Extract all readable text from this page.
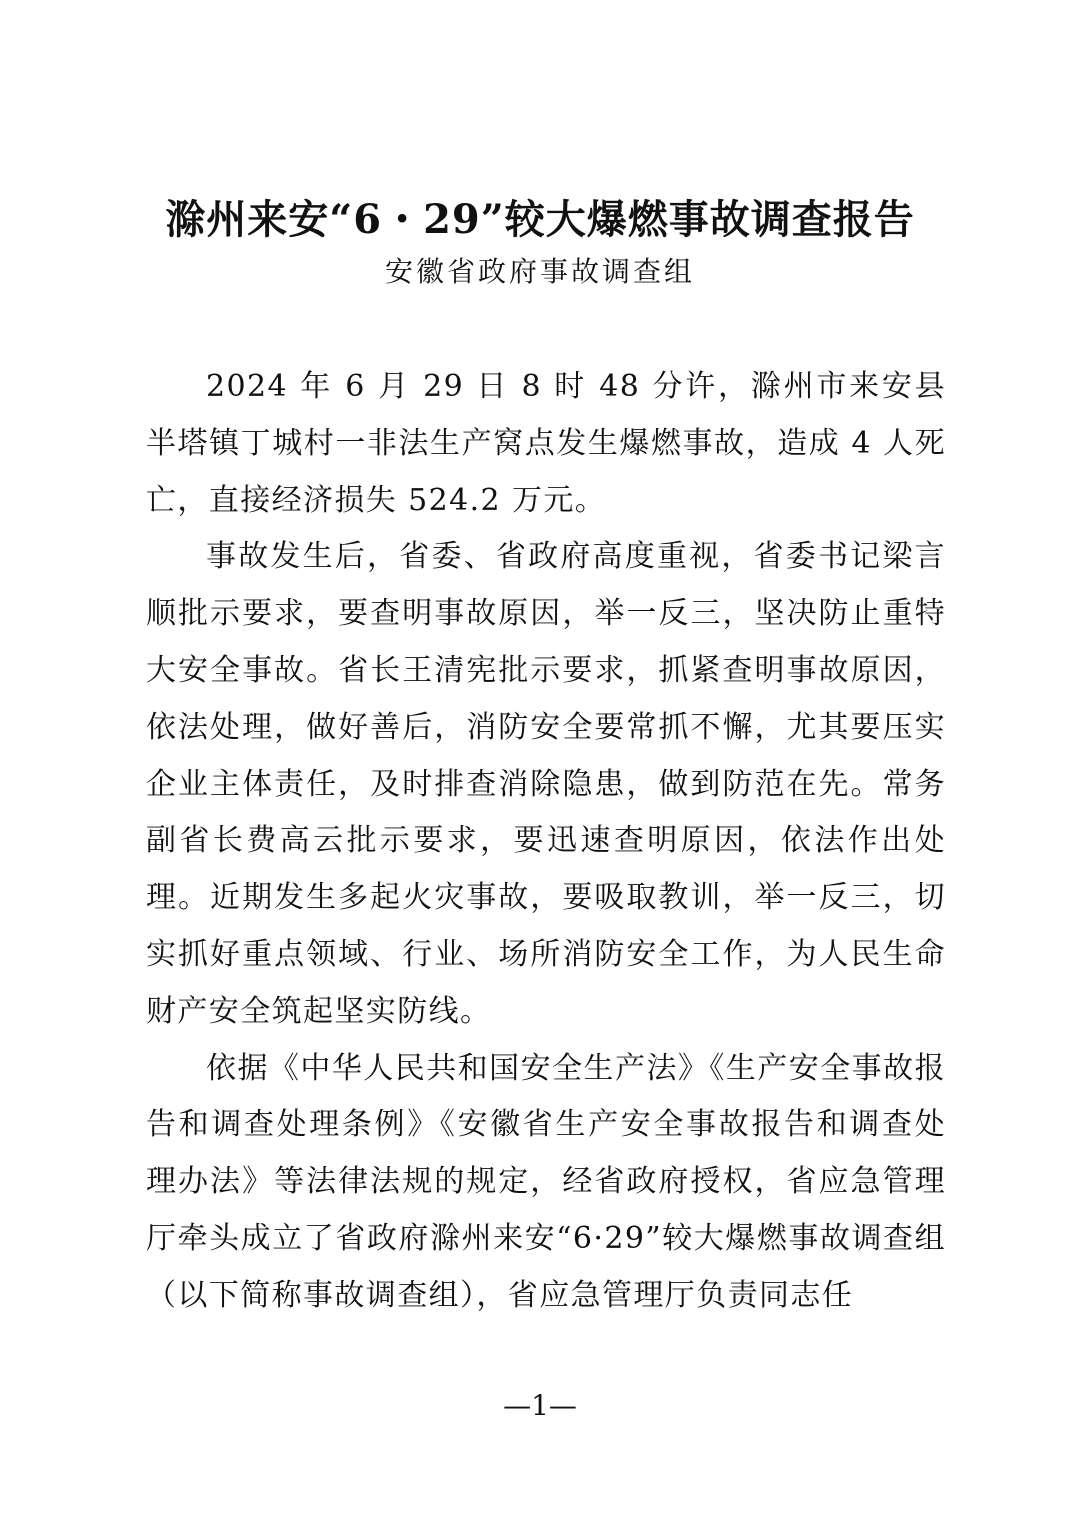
滁州来安“6・29”较大爆燃事故调查报告
安徽省政府事故调查组

2024 年 6 月 29 日 8 时 48 分许，滁州市来安县半塔镇丁城村一非法生产窝点发生爆燃事故，造成 4 人死亡，直接经济损失 524.2 万元。

事故发生后，省委、省政府高度重视，省委书记梁言顺批示要求，要查明事故原因，举一反三，坚决防止重特大安全事故。省长王清宪批示要求，抓紧查明事故原因，依法处理，做好善后，消防安全要常抓不懈，尤其要压实企业主体责任，及时排查消除隐患，做到防范在先。常务副省长费高云批示要求，要迅速查明原因，依法作出处理。近期发生多起火灾事故，要吸取教训，举一反三，切实抓好重点领域、行业、场所消防安全工作，为人民生命财产安全筑起坚实防线。

依据《中华人民共和国安全生产法》《生产安全事故报告和调查处理条例》《安徽省生产安全事故报告和调查处理办法》等法律法规的规定，经省政府授权，省应急管理厅牵头成立了省政府滁州来安“6·29”较大爆燃事故调查组（以下简称事故调查组），省应急管理厅负责同志任

—1—
